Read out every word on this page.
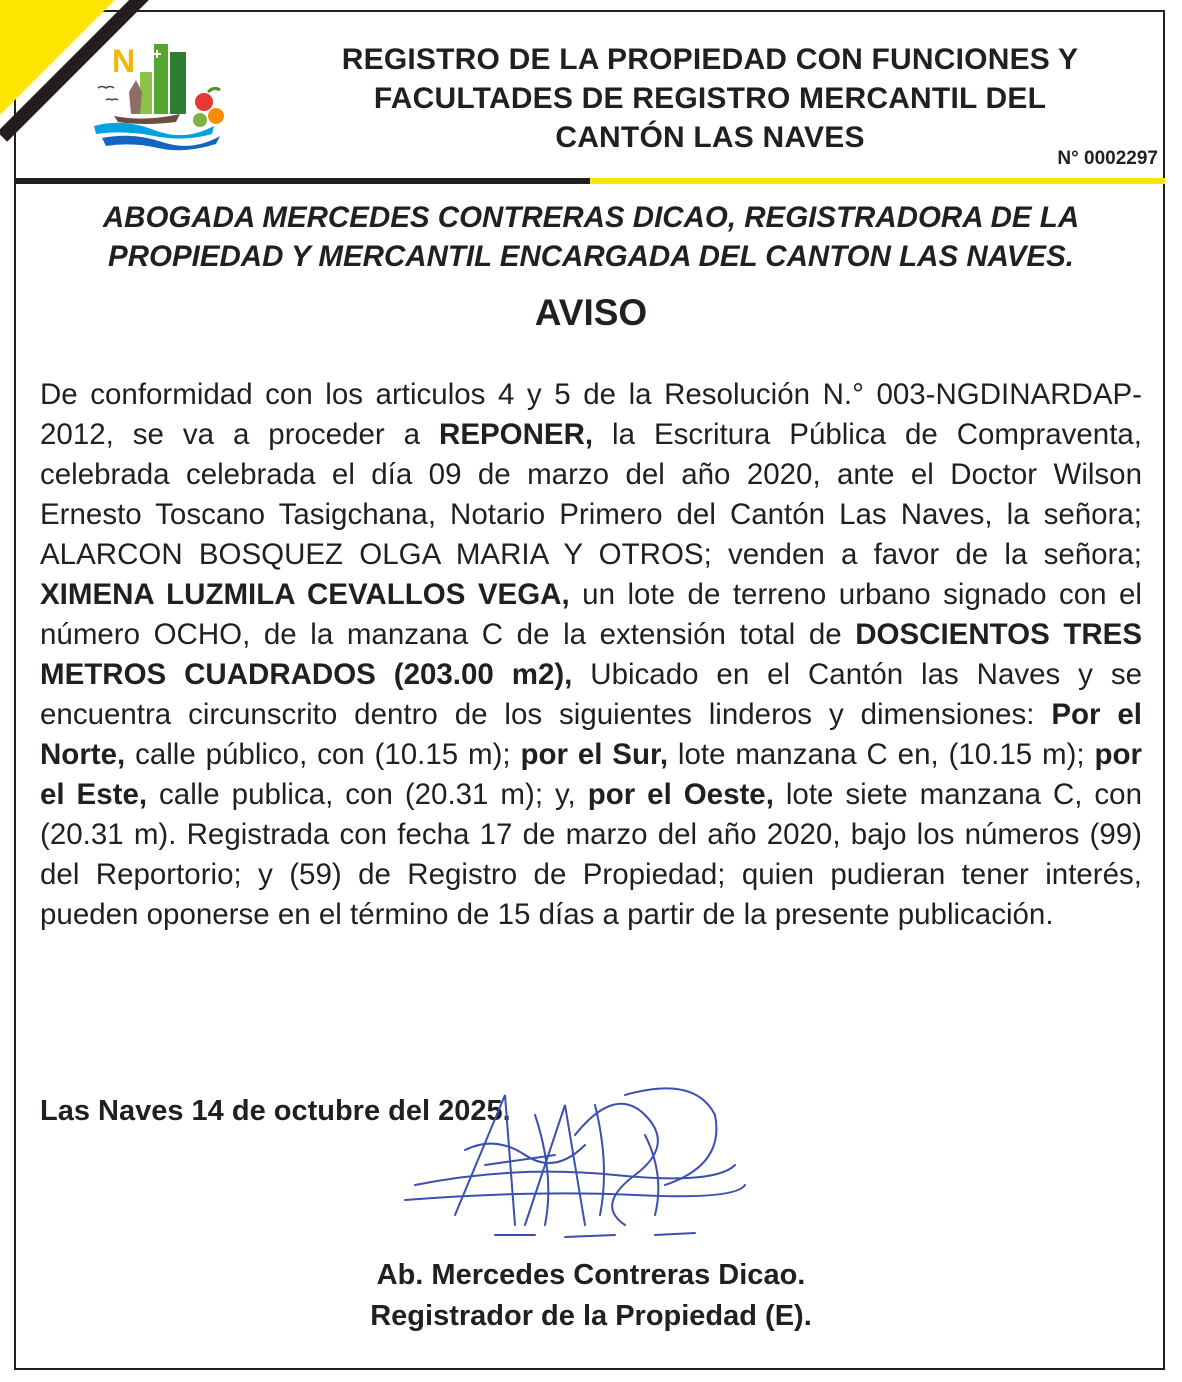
N	REGISTRO DE LA PROPIEDAD CON FUNCIONES Y
FACULTADES DE REGISTRO MERCANTIL DEL
CANTÓN LAS NAVES
N° 0002297
ABOGADA MERCEDES CONTRERAS DICAO, REGISTRADORA DE LA PROPIEDAD Y MERCANTIL ENCARGADA DEL CANTON LAS NAVES.
AVISO
De conformidad con los articulos 4 y 5 de la Resolución N.° 003-NGDINARDAP-2012, se va a proceder a REPONER, la Escritura Pública de Compraventa, celebrada celebrada el día 09 de marzo del año 2020, ante el Doctor Wilson Ernesto Toscano Tasigchana, Notario Primero del Cantón Las Naves, la señora; ALARCON BOSQUEZ OLGA MARIA Y OTROS; venden a favor de la señora; XIMENA LUZMILA CEVALLOS VEGA, un lote de terreno urbano signado con el número OCHO, de la manzana C de la extensión total de DOSCIENTOS TRES METROS CUADRADOS (203.00 m2), Ubicado en el Cantón las Naves y se encuentra circunscrito dentro de los siguientes linderos y dimensiones: Por el Norte, calle público, con (10.15 m); por el Sur, lote manzana C en, (10.15 m); por el Este, calle publica, con (20.31 m); y, por el Oeste, lote siete manzana C, con (20.31 m). Registrada con fecha 17 de marzo del año 2020, bajo los números (99) del Reportorio; y (59) de Registro de Propiedad; quien pudieran tener interés, pueden oponerse en el término de 15 días a partir de la presente publicación.
Las Naves 14 de octubre del 2025.
Ab. Mercedes Contreras Dicao.
Registrador de la Propiedad (E).
